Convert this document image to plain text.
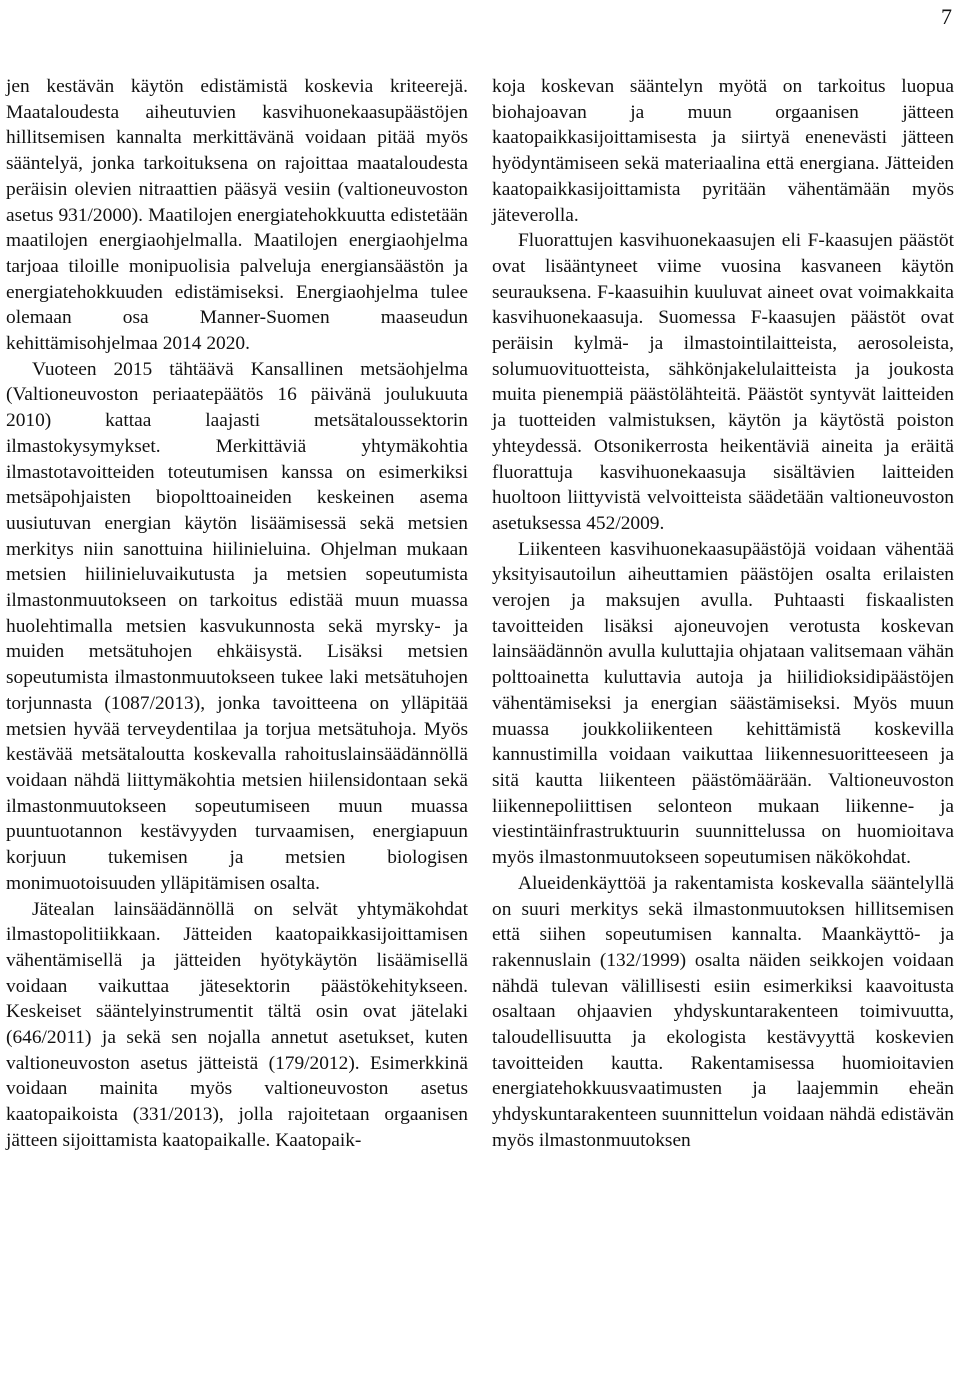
7

jen kestävän käytön edistämistä koskevia kriteerejä. Maataloudesta aiheutuvien kasvihuonekaasupäästöjen hillitsemisen kannalta merkittävänä voidaan pitää myös sääntelyä, jonka tarkoituksena on rajoittaa maataloudesta peräisin olevien nitraattien pääsyä vesiin (valtioneuvoston asetus 931/2000). Maatilojen energiatehokkuutta edistetään maatilojen energiaohjelmalla. Maatilojen energiaohjelma tarjoaa tiloille monipuolisia palveluja energiansäästön ja energiatehokkuuden edistämiseksi. Energiaohjelma tulee olemaan osa Manner-Suomen maaseudun kehittämisohjelmaa 2014 2020.

Vuoteen 2015 tähtäävä Kansallinen metsäohjelma (Valtioneuvoston periaatepäätös 16 päivänä joulukuuta 2010) kattaa laajasti metsätaloussektorin ilmastokysymykset. Merkittäviä yhtymäkohtia ilmastotavoitteiden toteutumisen kanssa on esimerkiksi metsäpohjaisten biopolttoaineiden keskeinen asema uusiutuvan energian käytön lisäämisessä sekä metsien merkitys niin sanottuina hiilinieluina. Ohjelman mukaan metsien hiilinieluvaikutusta ja metsien sopeutumista ilmastonmuutokseen on tarkoitus edistää muun muassa huolehtimalla metsien kasvukunnosta sekä myrsky- ja muiden metsätuhojen ehkäisystä. Lisäksi metsien sopeutumista ilmastonmuutokseen tukee laki metsätuhojen torjunnasta (1087/2013), jonka tavoitteena on ylläpitää metsien hyvää terveydentilaa ja torjua metsätuhoja. Myös kestävää metsätaloutta koskevalla rahoituslainsäädännöllä voidaan nähdä liittymäkohtia metsien hiilensidontaan sekä ilmastonmuutokseen sopeutumiseen muun muassa puuntuotannon kestävyyden turvaamisen, energiapuun korjuun tukemisen ja metsien biologisen monimuotoisuuden ylläpitämisen osalta.

Jätealan lainsäädännöllä on selvät yhtymäkohdat ilmastopolitiikkaan. Jätteiden kaatopaikkasijoittamisen vähentämisellä ja jätteiden hyötykäytön lisäämisellä voidaan vaikuttaa jätesektorin päästökehitykseen. Keskeiset sääntelyinstrumentit tältä osin ovat jätelaki (646/2011) ja sekä sen nojalla annetut asetukset, kuten valtioneuvoston asetus jätteistä (179/2012). Esimerkkinä voidaan mainita myös valtioneuvoston asetus kaatopaikoista (331/2013), jolla rajoitetaan orgaanisen jätteen sijoittamista kaatopaikalle. Kaatopaik-

koja koskevan sääntelyn myötä on tarkoitus luopua biohajoavan ja muun orgaanisen jätteen kaatopaikkasijoittamisesta ja siirtyä enenevästi jätteen hyödyntämiseen sekä materiaalina että energiana. Jätteiden kaatopaikkasijoittamista pyritään vähentämään myös jäteverolla.

Fluorattujen kasvihuonekaasujen eli F-kaasujen päästöt ovat lisääntyneet viime vuosina kasvaneen käytön seurauksena. F-kaasuihin kuuluvat aineet ovat voimakkaita kasvihuonekaasuja. Suomessa F-kaasujen päästöt ovat peräisin kylmä- ja ilmastointilaitteista, aerosoleista, solumuovituotteista, sähkönjakelulaitteista ja joukosta muita pienempiä päästölähteitä. Päästöt syntyvät laitteiden ja tuotteiden valmistuksen, käytön ja käytöstä poiston yhteydessä. Otsonikerrosta heikentäviä aineita ja eräitä fluorattuja kasvihuonekaasuja sisältävien laitteiden huoltoon liittyvistä velvoitteista säädetään valtioneuvoston asetuksessa 452/2009.

Liikenteen kasvihuonekaasupäästöjä voidaan vähentää yksityisautoilun aiheuttamien päästöjen osalta erilaisten verojen ja maksujen avulla. Puhtaasti fiskaalisten tavoitteiden lisäksi ajoneuvojen verotusta koskevan lainsäädännön avulla kuluttajia ohjataan valitsemaan vähän polttoainetta kuluttavia autoja ja hiilidioksidipäästöjen vähentämiseksi ja energian säästämiseksi. Myös muun muassa joukkoliikenteen kehittämistä koskevilla kannustimilla voidaan vaikuttaa liikennesuoritteeseen ja sitä kautta liikenteen päästömäärään. Valtioneuvoston liikennepoliittisen selonteon mukaan liikenne- ja viestintäinfrastruktuurin suunnittelussa on huomioitava myös ilmastonmuutokseen sopeutumisen näkökohdat.

Alueidenkäyttöä ja rakentamista koskevalla sääntelyllä on suuri merkitys sekä ilmastonmuutoksen hillitsemisen että siihen sopeutumisen kannalta. Maankäyttö- ja rakennuslain (132/1999) osalta näiden seikkojen voidaan nähdä tulevan välillisesti esiin esimerkiksi kaavoitusta osaltaan ohjaavien yhdyskuntarakenteen toimivuutta, taloudellisuutta ja ekologista kestävyyttä koskevien tavoitteiden kautta. Rakentamisessa huomioitavien energiatehokkuusvaatimusten ja laajemmin eheän yhdyskuntarakenteen suunnittelun voidaan nähdä edistävän myös ilmastonmuutoksen
